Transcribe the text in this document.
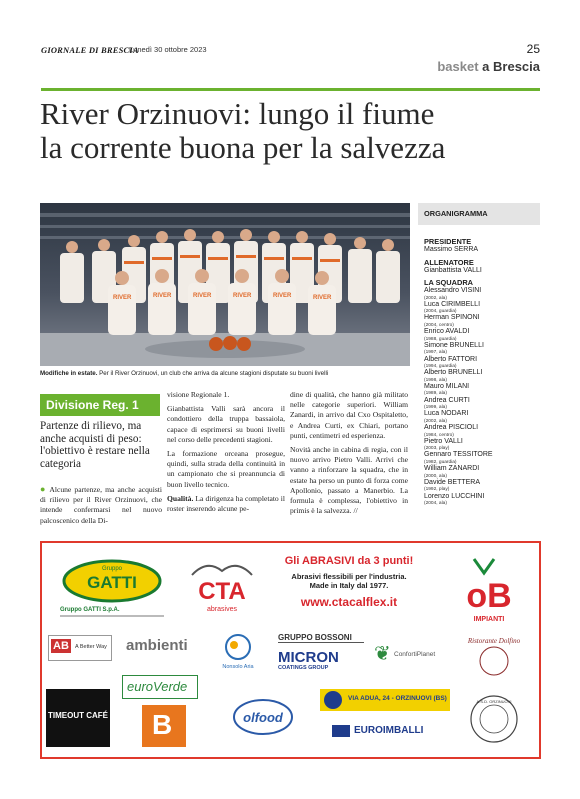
GIORNALE DI BRESCIA
Lunedì 30 ottobre 2023	25
basket a Brescia
River Orzinuovi: lungo il fiume
la corrente buona per la salvezza
RIVER	RIVER	RIVER	RIVER	RIVER	RIVER
Modifiche in estate. Per il River Orzinuovi, un club che arriva da alcune stagioni disputate su buoni livelli
Divisione Reg. 1
Partenze di rilievo, ma anche acquisti di peso: l'obiettivo è restare nella categoria

● Alcune partenze, ma anche acquisti di rilievo per il River Orzinuovi, che intende confermarsi nel nuovo palcoscenico della Di-

visione Regionale 1.

Gianbattista Valli sarà ancora il condottiero della truppa bassaiola, capace di esprimersi su buoni livelli nel corso delle precedenti stagioni.

La formazione orceana prosegue, quindi, sulla strada della continuità in un campionato che si preannuncia di buon livello tecnico.

Qualità. La dirigenza ha completato il roster inserendo alcune pe-

dine di qualità, che hanno già militato nelle categorie superiori. William Zanardi, in arrivo dal Cxo Ospitaletto, e Andrea Curti, ex Chiari, portano punti, centimetri ed esperienza.

Novità anche in cabina di regia, con il nuovo arrivo Pietro Valli. Arrivi che vanno a rinforzare la squadra, che in estate ha perso un punto di forza come Apollonio, passato a Manerbio. La formula è complessa, l'obiettivo in primis è la salvezza. //

ORGANIGRAMMA
PRESIDENTE
Massimo SERRA
ALLENATORE
Gianbattista VALLI
LA SQUADRA
Alessandro VISINI
(2002, ala)
Luca CIRIMBELLI
(2004, guardia)
Herman SPINONI
(2004, centro)
Enrico AVALDI
(1988, guardia)
Simone BRUNELLI
(1997, ala)
Alberto FATTORI
(1994, guardia)
Alberto BRUNELLI
(1998, ala)
Mauro MILANI
(1989, ala)
Andrea CURTI
(1999, ala)
Luca NODARI
(2002, ala)
Andrea PISCIOLI
(1984, centro)
Pietro VALLI
(2003, play)
Gennaro TESSITORE
(1982, guardia)
William ZANARDI
(2000, ala)
Davide BETTERA
(1992, play)
Lorenzo LUCCHINI
(2004, ala)
Gruppo
GATTI
Gruppo GATTI S.p.A.
CTA
abrasives
Gli ABRASIVI da 3 punti!
Abrasivi flessibili per l'industria.
Made in Italy dal 1977.
www.ctacalflex.it	oB
IMPIANTI
AB	A Better Way ambienti
euroVerde
Nonsolo Aria
GRUPPO BOSSONI
MICRON
COATINGS GROUP
❦ ConfortiPlanet
Ristorante Dolfino
TIMEOUT CAFÉ B	olfood
VIA ADUA, 24 - ORZINUOVI (BS)
EUROIMBALLI
A.S.D. ORZINUOVI
